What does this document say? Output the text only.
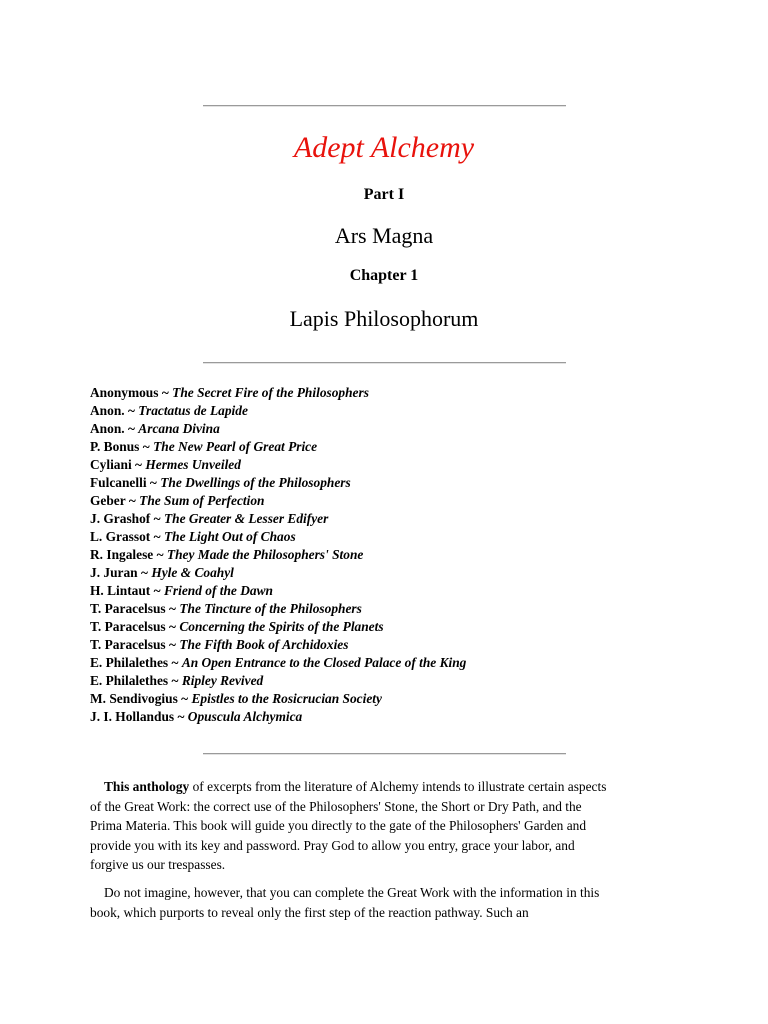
Adept Alchemy
Part I
Ars Magna
Chapter 1
Lapis Philosophorum
Anonymous ~ The Secret Fire of the Philosophers
Anon. ~ Tractatus de Lapide
Anon. ~ Arcana Divina
P. Bonus ~ The New Pearl of Great Price
Cyliani ~ Hermes Unveiled
Fulcanelli ~ The Dwellings of the Philosophers
Geber ~ The Sum of Perfection
J. Grashof ~ The Greater & Lesser Edifyer
L. Grassot ~ The Light Out of Chaos
R. Ingalese ~ They Made the Philosophers' Stone
J. Juran ~ Hyle & Coahyl
H. Lintaut ~ Friend of the Dawn
T. Paracelsus ~ The Tincture of the Philosophers
T. Paracelsus ~ Concerning the Spirits of the Planets
T. Paracelsus ~ The Fifth Book of Archidoxies
E. Philalethes ~ An Open Entrance to the Closed Palace of the King
E. Philalethes ~ Ripley Revived
M. Sendivogius ~ Epistles to the Rosicrucian Society
J. I. Hollandus ~ Opuscula Alchymica

This anthology of excerpts from the literature of Alchemy intends to illustrate certain aspects
of the Great Work: the correct use of the Philosophers' Stone, the Short or Dry Path, and the
Prima Materia. This book will guide you directly to the gate of the Philosophers' Garden and
provide you with its key and password. Pray God to allow you entry, grace your labor, and
forgive us our trespasses.

Do not imagine, however, that you can complete the Great Work with the information in this
book, which purports to reveal only the first step of the reaction pathway. Such an
